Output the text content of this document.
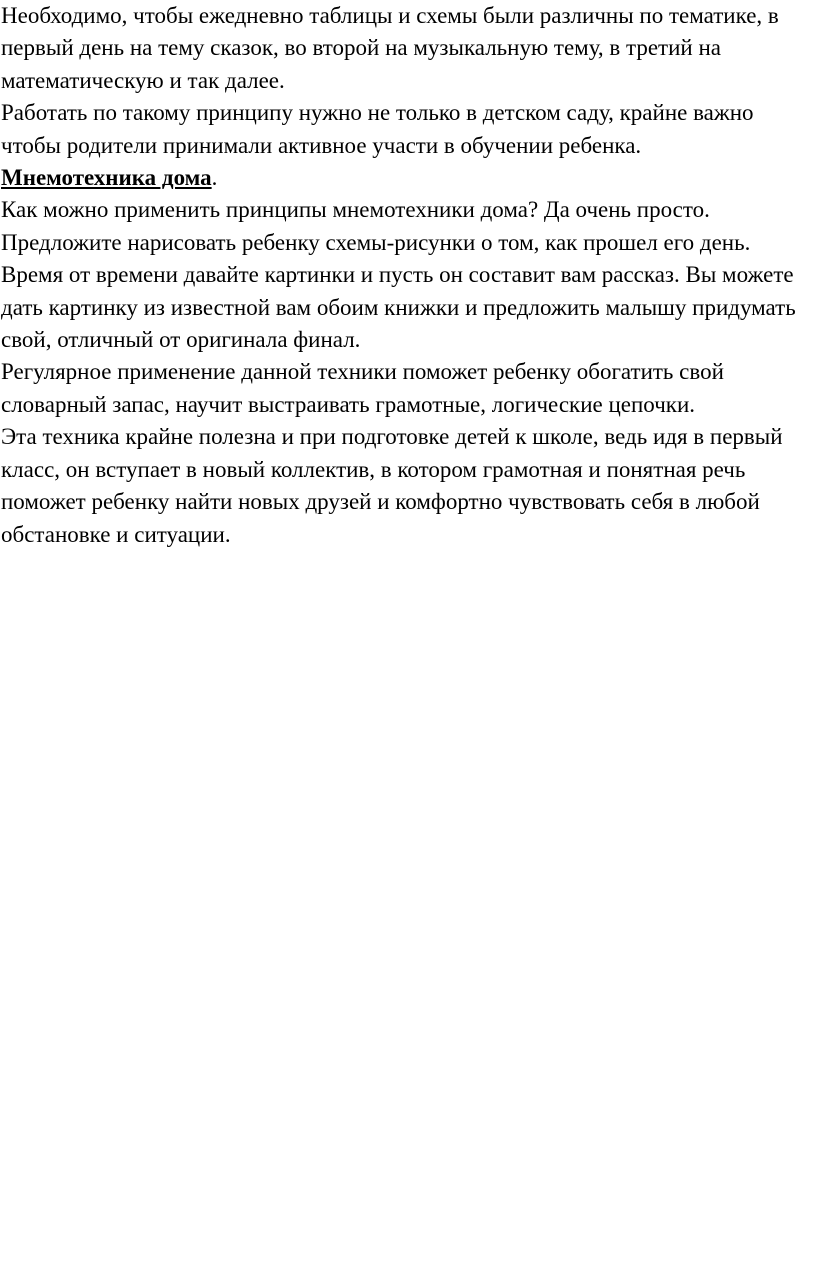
Необходимо, чтобы ежедневно таблицы и схемы были различны по тематике, в первый день на тему сказок, во второй на музыкальную тему, в третий на математическую и так далее.

Работать по такому принципу нужно не только в детском саду, крайне важно чтобы родители принимали активное участи в обучении ребенка.

Мнемотехника дома.

Как можно применить принципы мнемотехники дома? Да очень просто. Предложите нарисовать ребенку схемы-рисунки о том, как прошел его день. Время от времени давайте картинки и пусть он составит вам рассказ. Вы можете дать картинку из известной вам обоим книжки и предложить малышу придумать свой, отличный от оригинала финал.

Регулярное применение данной техники поможет ребенку обогатить свой словарный запас, научит выстраивать грамотные, логические цепочки.

Эта техника крайне полезна и при подготовке детей к школе, ведь идя в первый класс, он вступает в новый коллектив, в котором грамотная и понятная речь поможет ребенку найти новых друзей и комфортно чувствовать себя в любой обстановке и ситуации.
